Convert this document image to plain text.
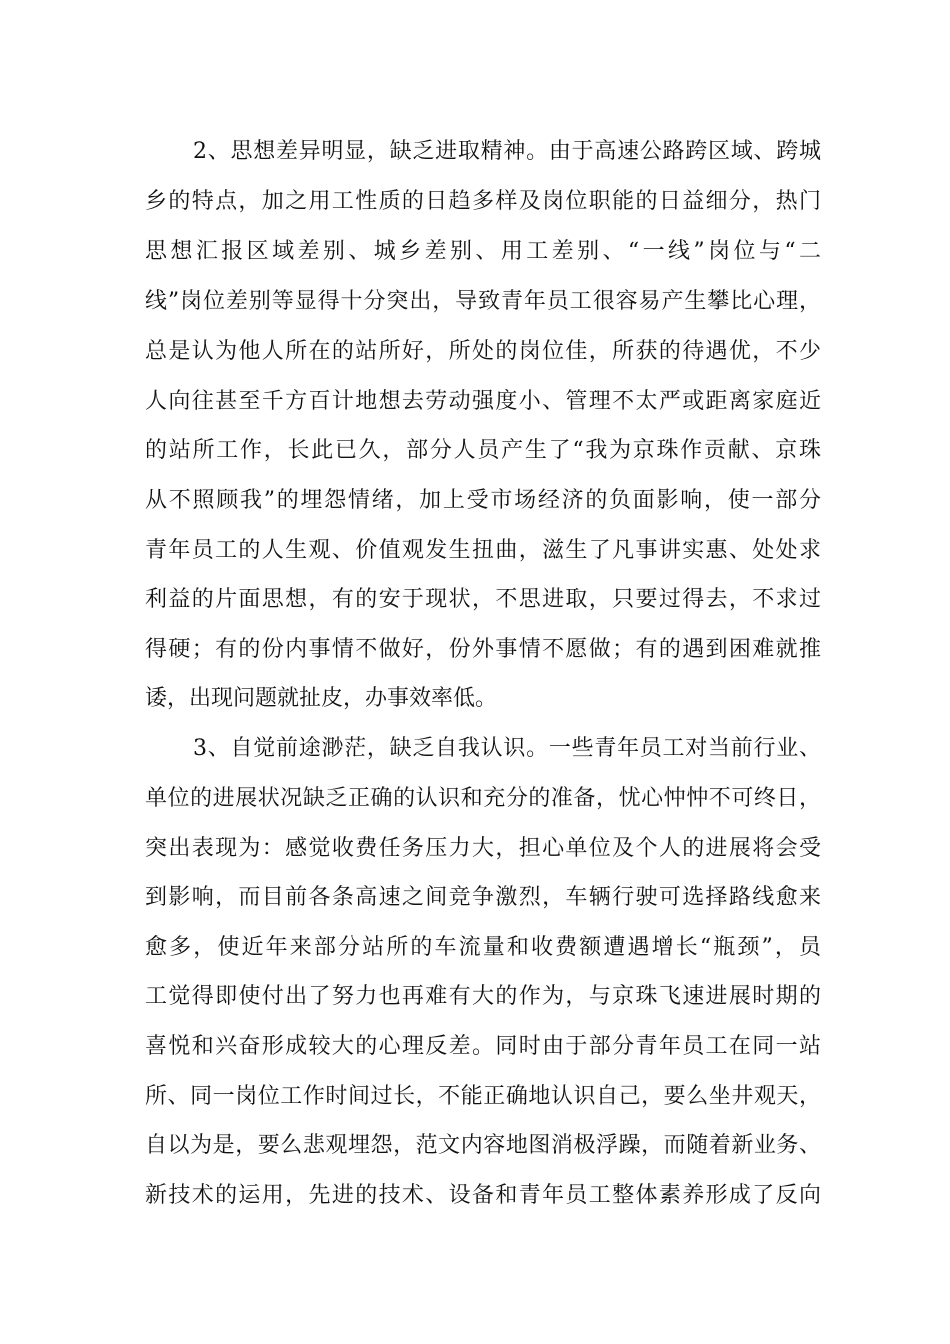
2、思想差异明显，缺乏进取精神。由于高速公路跨区域、跨城
乡的特点，加之用工性质的日趋多样及岗位职能的日益细分，热门
思想汇报区域差别、城乡差别、用工差别、“一线”岗位与“二
线”岗位差别等显得十分突出，导致青年员工很容易产生攀比心理，
总是认为他人所在的站所好，所处的岗位佳，所获的待遇优，不少
人向往甚至千方百计地想去劳动强度小、管理不太严或距离家庭近
的站所工作，长此已久，部分人员产生了“我为京珠作贡献、京珠
从不照顾我”的埋怨情绪，加上受市场经济的负面影响，使一部分
青年员工的人生观、价值观发生扭曲，滋生了凡事讲实惠、处处求
利益的片面思想，有的安于现状，不思进取，只要过得去，不求过
得硬；有的份内事情不做好，份外事情不愿做；有的遇到困难就推
诿，出现问题就扯皮，办事效率低。
3、自觉前途渺茫，缺乏自我认识。一些青年员工对当前行业、
单位的进展状况缺乏正确的认识和充分的准备，忧心忡忡不可终日，
突出表现为：感觉收费任务压力大，担心单位及个人的进展将会受
到影响，而目前各条高速之间竞争激烈，车辆行驶可选择路线愈来
愈多，使近年来部分站所的车流量和收费额遭遇增长“瓶颈”，员
工觉得即使付出了努力也再难有大的作为，与京珠飞速进展时期的
喜悦和兴奋形成较大的心理反差。同时由于部分青年员工在同一站
所、同一岗位工作时间过长，不能正确地认识自己，要么坐井观天，
自以为是，要么悲观埋怨，范文内容地图消极浮躁，而随着新业务、
新技术的运用，先进的技术、设备和青年员工整体素养形成了反向
